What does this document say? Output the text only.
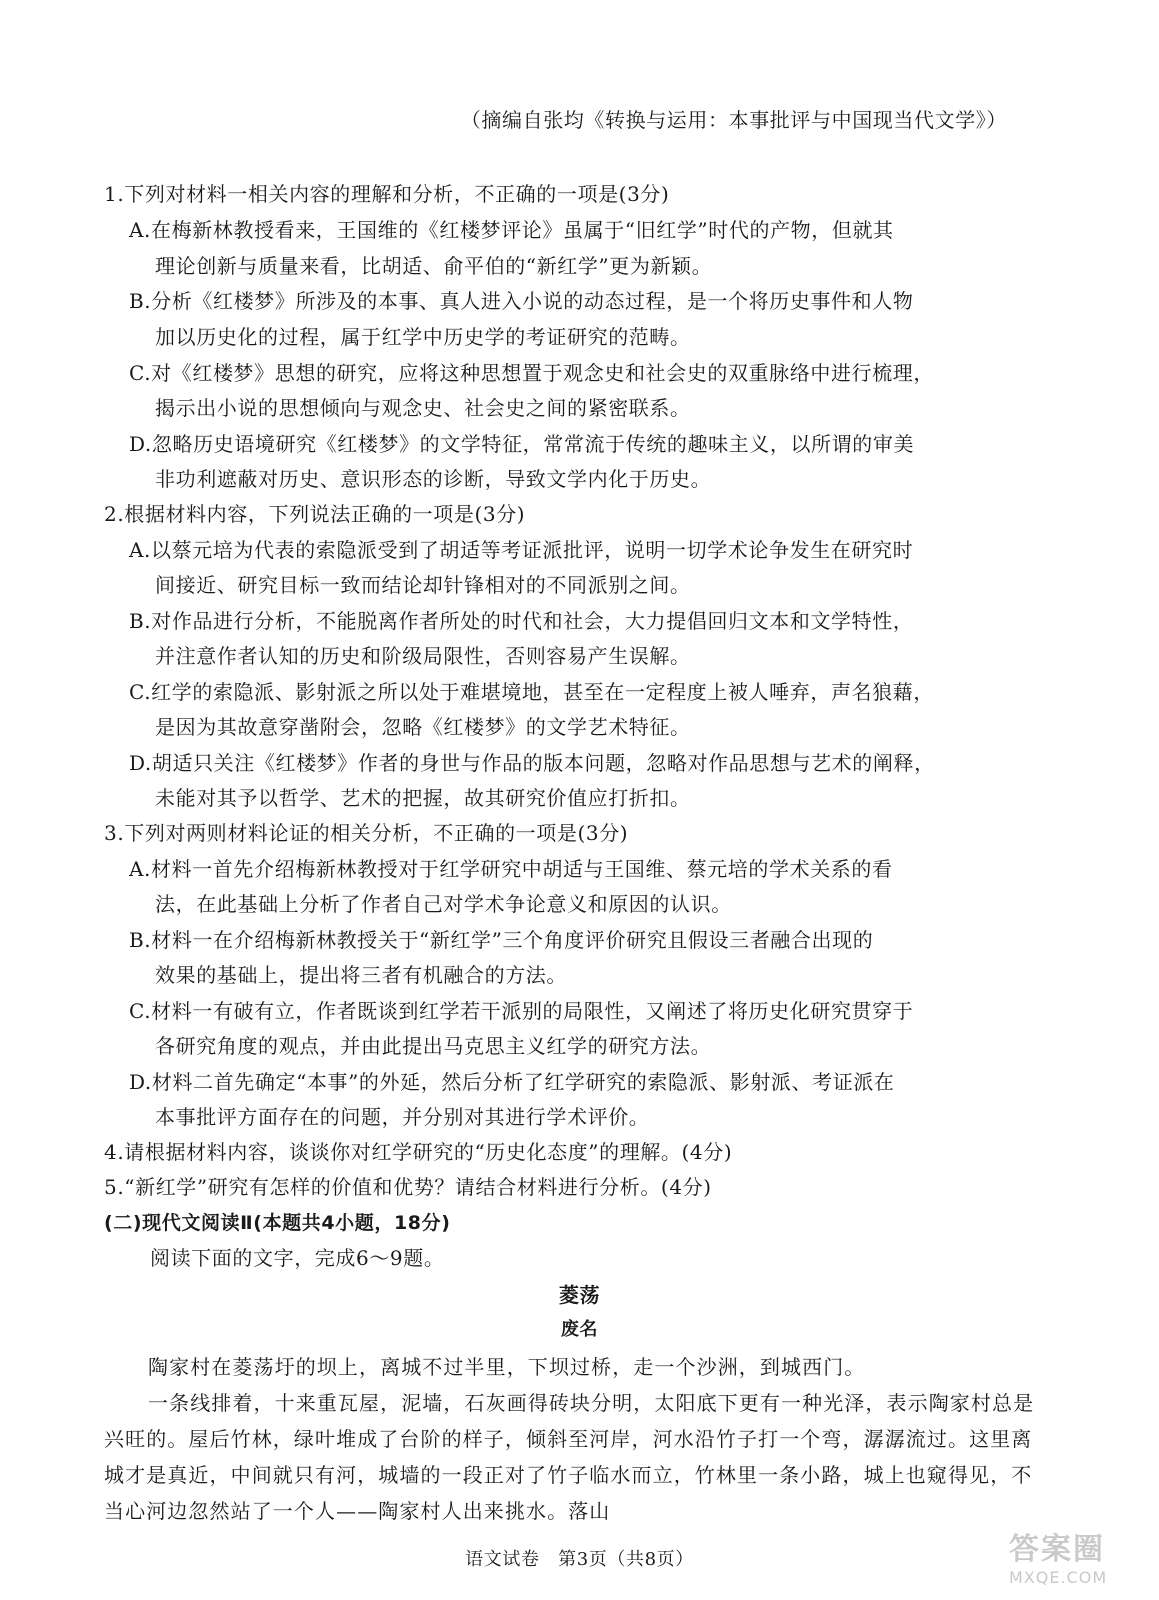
（摘编自张均《转换与运用：本事批评与中国现当代文学》）
1.下列对材料一相关内容的理解和分析，不正确的一项是(3分)
A.在梅新林教授看来，王国维的《红楼梦评论》虽属于“旧红学”时代的产物，但就其
理论创新与质量来看，比胡适、俞平伯的“新红学”更为新颖。
B.分析《红楼梦》所涉及的本事、真人进入小说的动态过程，是一个将历史事件和人物
加以历史化的过程，属于红学中历史学的考证研究的范畴。
C.对《红楼梦》思想的研究，应将这种思想置于观念史和社会史的双重脉络中进行梳理，
揭示出小说的思想倾向与观念史、社会史之间的紧密联系。
D.忽略历史语境研究《红楼梦》的文学特征，常常流于传统的趣味主义，以所谓的审美
非功利遮蔽对历史、意识形态的诊断，导致文学内化于历史。
2.根据材料内容，下列说法正确的一项是(3分)
A.以蔡元培为代表的索隐派受到了胡适等考证派批评，说明一切学术论争发生在研究时
间接近、研究目标一致而结论却针锋相对的不同派别之间。
B.对作品进行分析，不能脱离作者所处的时代和社会，大力提倡回归文本和文学特性，
并注意作者认知的历史和阶级局限性，否则容易产生误解。
C.红学的索隐派、影射派之所以处于难堪境地，甚至在一定程度上被人唾弃，声名狼藉，
是因为其故意穿凿附会，忽略《红楼梦》的文学艺术特征。
D.胡适只关注《红楼梦》作者的身世与作品的版本问题，忽略对作品思想与艺术的阐释，
未能对其予以哲学、艺术的把握，故其研究价值应打折扣。
3.下列对两则材料论证的相关分析，不正确的一项是(3分)
A.材料一首先介绍梅新林教授对于红学研究中胡适与王国维、蔡元培的学术关系的看
法，在此基础上分析了作者自己对学术争论意义和原因的认识。
B.材料一在介绍梅新林教授关于“新红学”三个角度评价研究且假设三者融合出现的
效果的基础上，提出将三者有机融合的方法。
C.材料一有破有立，作者既谈到红学若干派别的局限性，又阐述了将历史化研究贯穿于
各研究角度的观点，并由此提出马克思主义红学的研究方法。
D.材料二首先确定“本事”的外延，然后分析了红学研究的索隐派、影射派、考证派在
本事批评方面存在的问题，并分别对其进行学术评价。
4.请根据材料内容，谈谈你对红学研究的“历史化态度”的理解。(4分)
5.“新红学”研究有怎样的价值和优势？请结合材料进行分析。(4分)
(二)现代文阅读Ⅱ(本题共4小题，18分)
阅读下面的文字，完成6～9题。
菱荡
废名
陶家村在菱荡圩的坝上，离城不过半里，下坝过桥，走一个沙洲，到城西门。
一条线排着，十来重瓦屋，泥墙，石灰画得砖块分明，太阳底下更有一种光泽，表示陶家村总是兴旺的。屋后竹林，绿叶堆成了台阶的样子，倾斜至河岸，河水沿竹子打一个弯，潺潺流过。这里离城才是真近，中间就只有河，城墙的一段正对了竹子临水而立，竹林里一条小路，城上也窥得见，不当心河边忽然站了一个人——陶家村人出来挑水。落山
语文试卷　第3页（共8页）	答案圈
MXQE.COM
